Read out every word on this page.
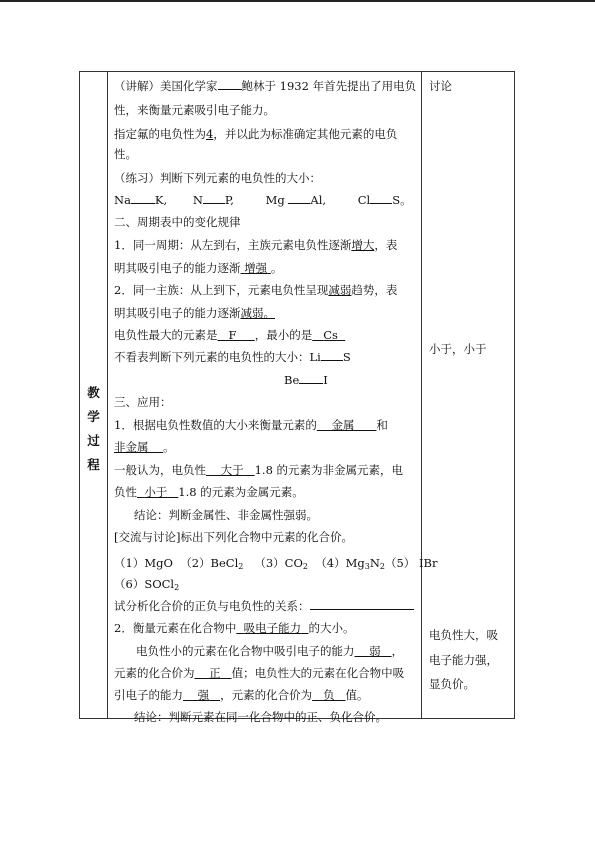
教
学
过
程
（讲解）美国化学家 鲍林于 1932 年首先提出了用电负
性，来衡量元素吸引电子能力。
指定氟的电负性为4，并以此为标准确定其他元素的电负
性。
（练习）判断下列元素的电负性的大小：
Na K, N P,	Mg Al,	Cl S。
二、周期表中的变化规律
1．同一周期：从左到右，主族元素电负性逐渐增大，表
明其吸引电子的能力逐渐 增强 。
2．同一主族：从上到下，元素电负性呈现减弱趋势，表
明其吸引电子的能力逐渐减弱。
电负性最大的元素是 F ，最小的是 Cs
不看表判断下列元素的电负性的大小：Li S
Be I
三、应用：
1．根据电负性数值的大小来衡量元素的 金属 和
非金属 。
一般认为，电负性 大于 1.8 的元素为非金属元素，电
负性 小于 1.8 的元素为金属元素。
结论：判断金属性、非金属性强弱。
[交流与讨论]标出下列化合物中元素的化合价。
（1）MgO （2）BeCl$_2$ $(3)CO_2$ $(4)Mg_3N_2(5)$ IBr
（6）SOCl$_2$
试分析化合价的正负与电负性的关系：
2．衡量元素在化合物中 吸电子能力 的大小。
电负性小的元素在化合物中吸引电子的能力 弱 ，
元素的化合价为 正 值；电负性大的元素在化合物中吸
引电子的能力 强 ，元素的化合价为 负 值。
结论：判断元素在同一化合物中的正、负化合价。
讨论
小于，小于
电负性大，吸
电子能力强，
显负价。
